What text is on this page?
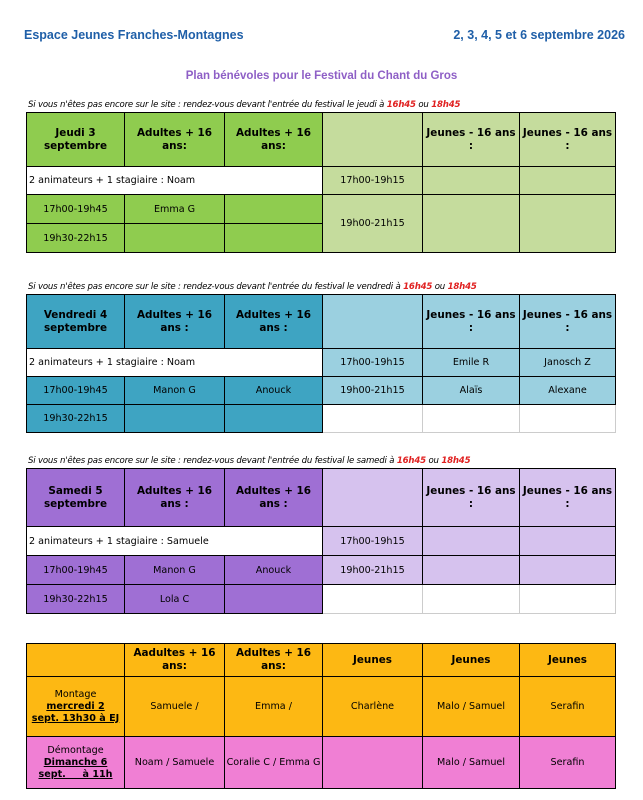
Espace Jeunes Franches-Montagnes	2, 3, 4, 5 et 6 septembre 2026
Plan bénévoles pour le Festival du Chant du Gros
Si vous n'êtes pas encore sur le site : rendez-vous devant l'entrée du festival le jeudi à 16h45 ou 18h45
Jeudi 3 septembre	Adultes + 16 ans:	Adultes + 16 ans:		Jeunes - 16 ans :	Jeunes - 16 ans :
2 animateurs + 1 stagiaire : Noam			17h00-19h15		
17h00-19h45	Emma G		19h00-21h15		
19h30-22h15					
Si vous n'êtes pas encore sur le site : rendez-vous devant l'entrée du festival le vendredi à 16h45 ou 18h45
Vendredi 4 septembre	Adultes + 16 ans :	Adultes + 16 ans :		Jeunes - 16 ans :	Jeunes - 16 ans :
2 animateurs + 1 stagiaire : Noam			17h00-19h15	Emile R	Janosch Z
17h00-19h45	Manon G	Anouck	19h00-21h15	Alaïs	Alexane
19h30-22h15					
Si vous n'êtes pas encore sur le site : rendez-vous devant l'entrée du festival le samedi à 16h45 ou 18h45
Samedi 5 septembre	Adultes + 16 ans :	Adultes + 16 ans :		Jeunes - 16 ans :	Jeunes - 16 ans :
2 animateurs + 1 stagiaire : Samuele			17h00-19h15		
17h00-19h45	Manon G	Anouck	19h00-21h15		
19h30-22h15	Lola C				
	Aadultes + 16 ans:	Adultes + 16 ans:	Jeunes	Jeunes	Jeunes

Montage
mercredi 2
sept. 13h30 à EJ	Samuele /	Emma /	Charlène	Malo / Samuel	Serafin

Démontage
Dimanche 6
sept.     à 11h	Noam / Samuele	Coralie C / Emma G		Malo / Samuel	Serafin
